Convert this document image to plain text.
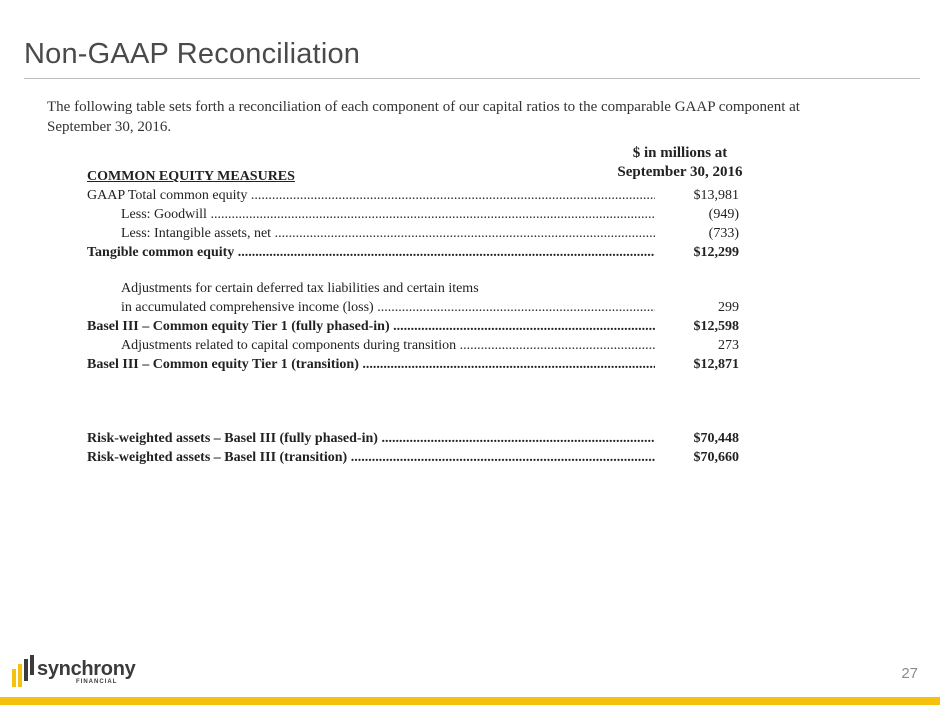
Non-GAAP Reconciliation
The following table sets forth a reconciliation of each component of our capital ratios to the comparable GAAP component at September 30, 2016.
$ in millions at
September 30, 2016
COMMON EQUITY MEASURES
GAAP Total common equity .....	$13,981
Less: Goodwill .....	(949)
Less: Intangible assets, net .....	(733)
Tangible common equity .....	$12,299
Adjustments for certain deferred tax liabilities and certain items
in accumulated comprehensive income (loss) .....	299
Basel III – Common equity Tier 1 (fully phased-in) .....	$12,598
Adjustments related to capital components during transition .....	273
Basel III – Common equity Tier 1 (transition) .....	$12,871
Risk-weighted assets – Basel III (fully phased-in) .....	$70,448
Risk-weighted assets – Basel III (transition) .....	$70,660
synchrony
FINANCIAL	27
